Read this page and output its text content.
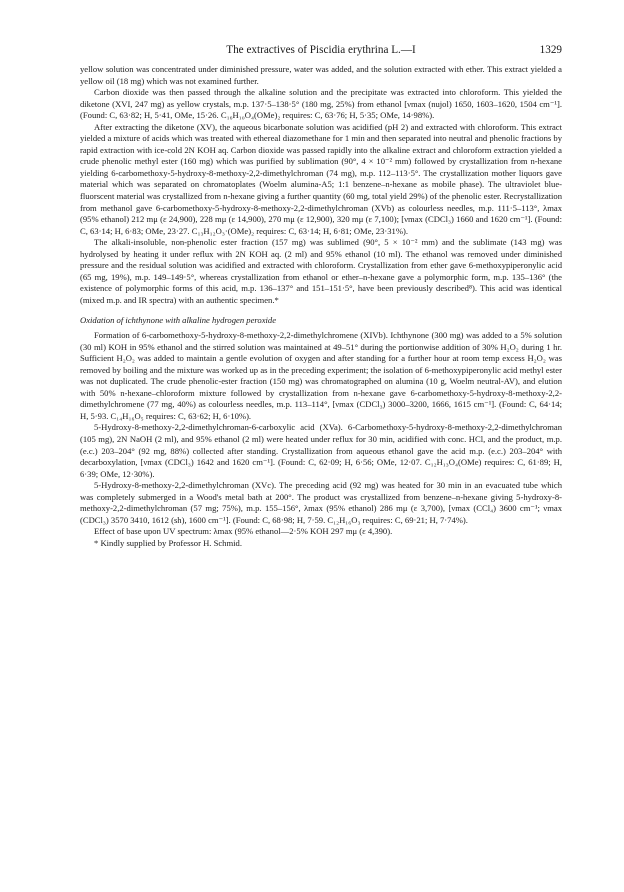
The extractives of Piscidia erythrina L.—I	1329

yellow solution was concentrated under diminished pressure, water was added, and the solution extracted with ether. This extract yielded a yellow oil (18 mg) which was not examined further.

Carbon dioxide was then passed through the alkaline solution and the precipitate was extracted into chloroform. This yielded the diketone (XVI, 247 mg) as yellow crystals, m.p. 137·5–138·5° (180 mg, 25%) from ethanol [νmax (nujol) 1650, 1603–1620, 1504 cm⁻¹]. (Found: C, 63·82; H, 5·41, OMe, 15·26. C₁₆H₁₀O₄(OMe)₂ requires: C, 63·76; H, 5·35; OMe, 14·98%).

After extracting the diketone (XV), the aqueous bicarbonate solution was acidified (pH 2) and extracted with chloroform. This extract yielded a mixture of acids which was treated with ethereal diazomethane for 1 min and then separated into neutral and phenolic fractions by rapid extraction with ice-cold 2N KOH aq. Carbon dioxide was passed rapidly into the alkaline extract and chloroform extraction yielded a crude phenolic methyl ester (160 mg) which was purified by sublimation (90°, 4 × 10⁻² mm) followed by crystallization from n-hexane yielding 6-carbomethoxy-5-hydroxy-8-methoxy-2,2-dimethylchroman (74 mg), m.p. 112–113·5°. The crystallization mother liquors gave material which was separated on chromatoplates (Woelm alumina-A5; 1:1 benzene–n-hexane as mobile phase). The ultraviolet blue-fluorscent material was crystallized from n-hexane giving a further quantity (60 mg, total yield 29%) of the phenolic ester. Recrystallization from methanol gave 6-carbomethoxy-5-hydroxy-8-methoxy-2,2-dimethylchroman (XVb) as colourless needles, m.p. 111·5–113°, λmax (95% ethanol) 212 mμ (ε 24,900), 228 mμ (ε 14,900), 270 mμ (ε 12,900), 320 mμ (ε 7,100); [νmax (CDCl₃) 1660 and 1620 cm⁻¹]. (Found: C, 63·14; H, 6·83; OMe, 23·27. C₁₃H₁₂O₃·(OMe)₂ requires: C, 63·14; H, 6·81; OMe, 23·31%).

The alkali-insoluble, non-phenolic ester fraction (157 mg) was sublimed (90°, 5 × 10⁻² mm) and the sublimate (143 mg) was hydrolysed by heating it under reflux with 2N KOH aq. (2 ml) and 95% ethanol (10 ml). The ethanol was removed under diminished pressure and the residual solution was acidified and extracted with chloroform. Crystallization from ether gave 6-methoxypiperonylic acid (65 mg, 19%), m.p. 149–149·5°, whereas crystallization from ethanol or ether–n-hexane gave a polymorphic form, m.p. 135–136° (the existence of polymorphic forms of this acid, m.p. 136–137° and 151–151·5°, have been previously described⁸). This acid was identical (mixed m.p. and IR spectra) with an authentic specimen.*

Oxidation of ichthynone with alkaline hydrogen peroxide

Formation of 6-carbomethoxy-5-hydroxy-8-methoxy-2,2-dimethylchromene (XIVb). Ichthynone (300 mg) was added to a 5% solution (30 ml) KOH in 95% ethanol and the stirred solution was maintained at 49–51° during the portionwise addition of 30% H₂O₂ during 1 hr. Sufficient H₂O₂ was added to maintain a gentle evolution of oxygen and after standing for a further hour at room temp excess H₂O₂ was removed by boiling and the mixture was worked up as in the preceding experiment; the isolation of 6-methoxypiperonylic acid methyl ester was not duplicated. The crude phenolic-ester fraction (150 mg) was chromatographed on alumina (10 g, Woelm neutral-AV), and elution with 50% n-hexane–chloroform mixture followed by crystallization from n-hexane gave 6-carbomethoxy-5-hydroxy-8-methoxy-2,2-dimethylchromene (77 mg, 40%) as colourless needles, m.p. 113–114°, [νmax (CDCl₃) 3000–3200, 1666, 1615 cm⁻¹]. (Found: C, 64·14; H, 5·93. C₁₄H₁₆O₅ requires: C, 63·62; H, 6·10%).

5-Hydroxy-8-methoxy-2,2-dimethylchroman-6-carboxylic acid (XVa). 6-Carbomethoxy-5-hydroxy-8-methoxy-2,2-dimethylchroman (105 mg), 2N NaOH (2 ml), and 95% ethanol (2 ml) were heated under reflux for 30 min, acidified with conc. HCl, and the product, m.p. (e.c.) 203–204° (92 mg, 88%) collected after standing. Crystallization from aqueous ethanol gave the acid m.p. (e.c.) 203–204° with decarboxylation, [νmax (CDCl₃) 1642 and 1620 cm⁻¹]. (Found: C, 62·09; H, 6·56; OMe, 12·07. C₁₂H₁₃O₄(OMe) requires: C, 61·89; H, 6·39; OMe, 12·30%).

5-Hydroxy-8-methoxy-2,2-dimethylchroman (XVc). The preceding acid (92 mg) was heated for 30 min in an evacuated tube which was completely submerged in a Wood's metal bath at 200°. The product was crystallized from benzene–n-hexane giving 5-hydroxy-8-methoxy-2,2-dimethylchroman (57 mg; 75%), m.p. 155–156°, λmax (95% ethanol) 286 mμ (ε 3,700), [νmax (CCl₄) 3600 cm⁻¹; νmax (CDCl₃) 3570 3410, 1612 (sh), 1600 cm⁻¹]. (Found: C, 68·98; H, 7·59. C₁₂H₁₆O₃ requires: C, 69·21; H, 7·74%).

Effect of base upon UV spectrum: λmax (95% ethanol—2·5% KOH 297 mμ (ε 4,390).

* Kindly supplied by Professor H. Schmid.
